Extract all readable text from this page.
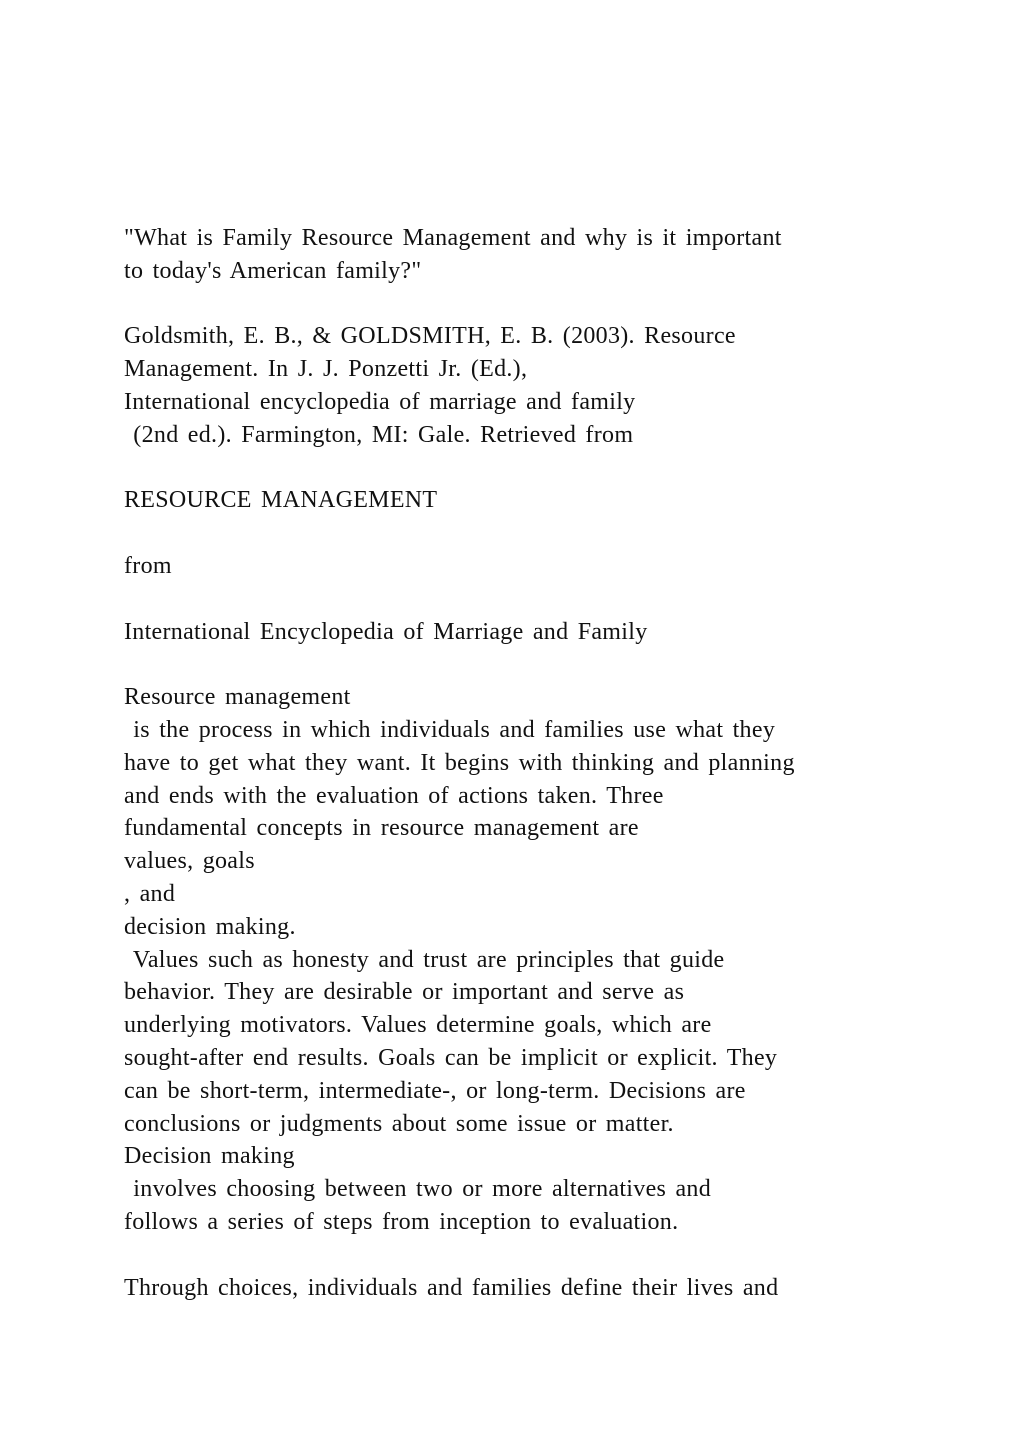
"What is Family Resource Management and why is it important
to today's American family?"
Goldsmith, E. B., & GOLDSMITH, E. B. (2003). Resource
Management. In J. J. Ponzetti Jr. (Ed.),
International encyclopedia of marriage and family
(2nd ed.). Farmington, MI: Gale. Retrieved from
RESOURCE MANAGEMENT
from
International Encyclopedia of Marriage and Family
Resource management
is the process in which individuals and families use what they
have to get what they want. It begins with thinking and planning
and ends with the evaluation of actions taken. Three
fundamental concepts in resource management are
values, goals
, and
decision making.
Values such as honesty and trust are principles that guide
behavior. They are desirable or important and serve as
underlying motivators. Values determine goals, which are
sought-after end results. Goals can be implicit or explicit. They
can be short-term, intermediate-, or long-term. Decisions are
conclusions or judgments about some issue or matter.
Decision making
involves choosing between two or more alternatives and
follows a series of steps from inception to evaluation.
Through choices, individuals and families define their lives and
